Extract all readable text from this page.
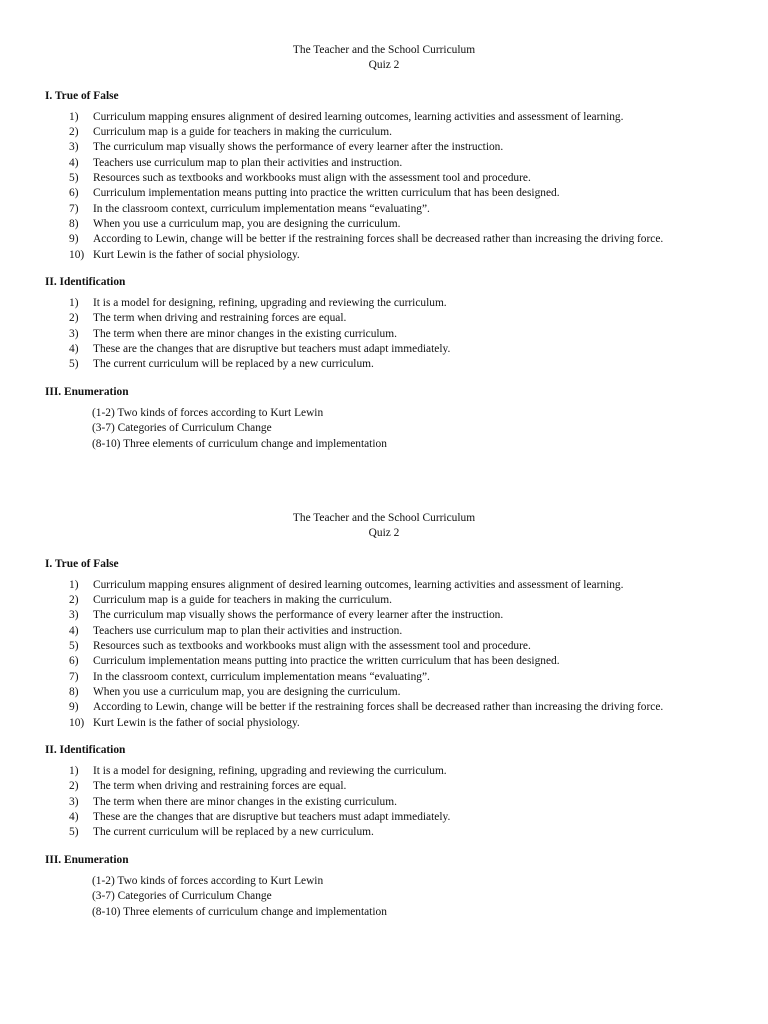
The Teacher and the School Curriculum
Quiz 2
I. True of False
1) Curriculum mapping ensures alignment of desired learning outcomes, learning activities and assessment of learning.
2) Curriculum map is a guide for teachers in making the curriculum.
3) The curriculum map visually shows the performance of every learner after the instruction.
4) Teachers use curriculum map to plan their activities and instruction.
5) Resources such as textbooks and workbooks must align with the assessment tool and procedure.
6) Curriculum implementation means putting into practice the written curriculum that has been designed.
7) In the classroom context, curriculum implementation means “evaluating”.
8) When you use a curriculum map, you are designing the curriculum.
9) According to Lewin, change will be better if the restraining forces shall be decreased rather than increasing the driving force.
10) Kurt Lewin is the father of social physiology.
II. Identification
1) It is a model for designing, refining, upgrading and reviewing the curriculum.
2) The term when driving and restraining forces are equal.
3) The term when there are minor changes in the existing curriculum.
4) These are the changes that are disruptive but teachers must adapt immediately.
5) The current curriculum will be replaced by a new curriculum.
III. Enumeration
(1-2) Two kinds of forces according to Kurt Lewin
(3-7) Categories of Curriculum Change
(8-10) Three elements of curriculum change and implementation
The Teacher and the School Curriculum
Quiz 2
I. True of False
1) Curriculum mapping ensures alignment of desired learning outcomes, learning activities and assessment of learning.
2) Curriculum map is a guide for teachers in making the curriculum.
3) The curriculum map visually shows the performance of every learner after the instruction.
4) Teachers use curriculum map to plan their activities and instruction.
5) Resources such as textbooks and workbooks must align with the assessment tool and procedure.
6) Curriculum implementation means putting into practice the written curriculum that has been designed.
7) In the classroom context, curriculum implementation means “evaluating”.
8) When you use a curriculum map, you are designing the curriculum.
9) According to Lewin, change will be better if the restraining forces shall be decreased rather than increasing the driving force.
10) Kurt Lewin is the father of social physiology.
II. Identification
1) It is a model for designing, refining, upgrading and reviewing the curriculum.
2) The term when driving and restraining forces are equal.
3) The term when there are minor changes in the existing curriculum.
4) These are the changes that are disruptive but teachers must adapt immediately.
5) The current curriculum will be replaced by a new curriculum.
III. Enumeration
(1-2) Two kinds of forces according to Kurt Lewin
(3-7) Categories of Curriculum Change
(8-10) Three elements of curriculum change and implementation
